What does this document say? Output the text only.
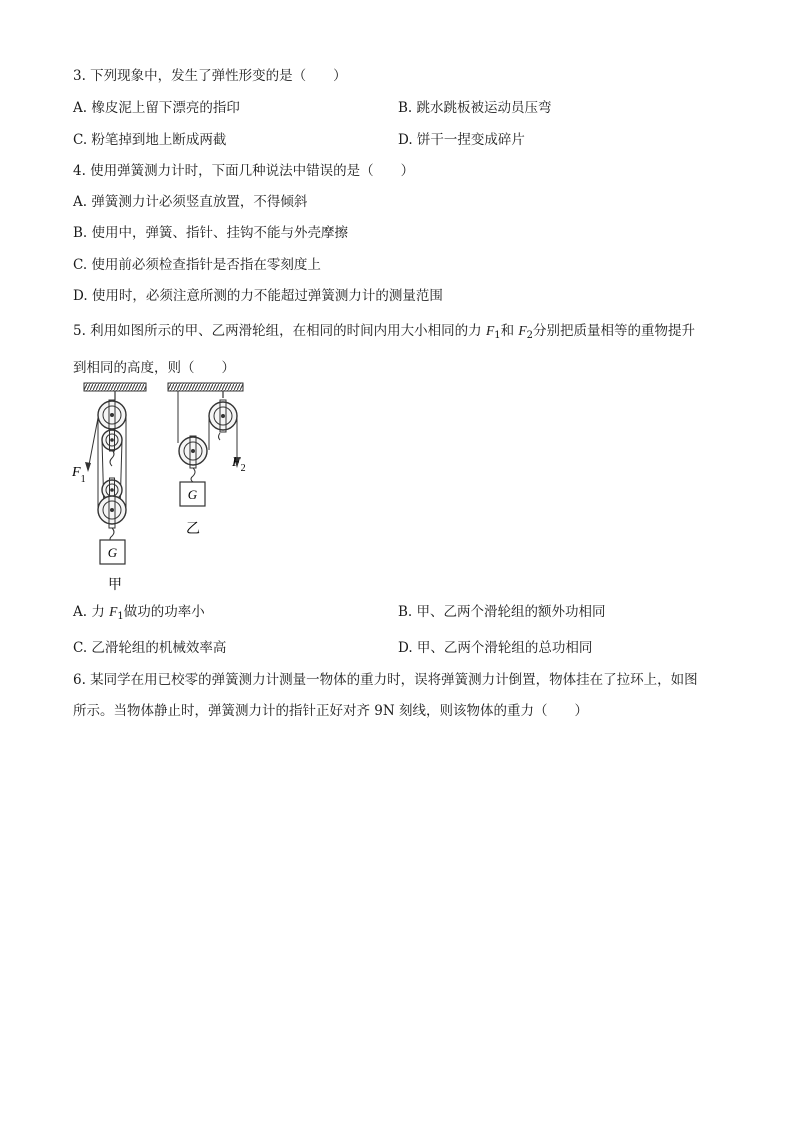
3. 下列现象中，发生了弹性形变的是（　　）
A. 橡皮泥上留下漂亮的指印	B. 跳水跳板被运动员压弯
C. 粉笔掉到地上断成两截	D. 饼干一捏变成碎片
4. 使用弹簧测力计时，下面几种说法中错误的是（　　）
A. 弹簧测力计必须竖直放置，不得倾斜
B. 使用中，弹簧、指针、挂钩不能与外壳摩擦
C. 使用前必须检查指针是否指在零刻度上
D. 使用时，必须注意所测的力不能超过弹簧测力计的测量范围
5. 利用如图所示的甲、乙两滑轮组，在相同的时间内用大小相同的力 $F_1$和 $F_2$分别把质量相等的重物提升
到相同的高度，则（　　）
G
$F_1$
甲
G
$F_2$
乙
A. 力 $F_1$做功的功率小	B. 甲、乙两个滑轮组的额外功相同
C. 乙滑轮组的机械效率高	D. 甲、乙两个滑轮组的总功相同
6. 某同学在用已校零的弹簧测力计测量一物体的重力时，误将弹簧测力计倒置，物体挂在了拉环上，如图
所示。当物体静止时，弹簧测力计的指针正好对齐 9N 刻线，则该物体的重力（　　）
